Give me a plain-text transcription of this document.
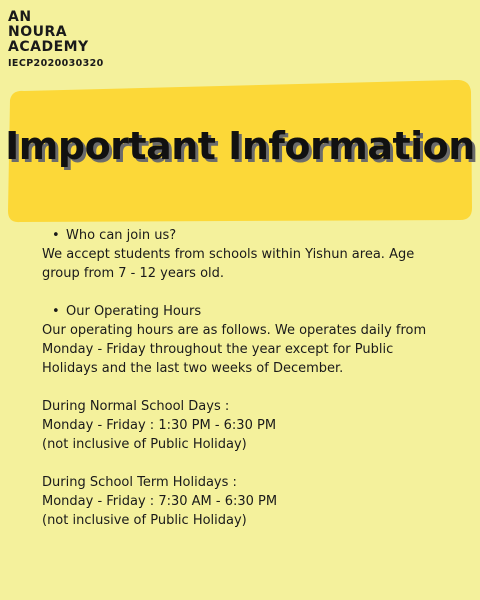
AN
NOURA
ACADEMY
IECP2020030320
Important Information
• Who can join us?
We accept students from schools within Yishun area. Age
group from 7 - 12 years old.
• Our Operating Hours
Our operating hours are as follows. We operates daily from
Monday - Friday throughout the year except for Public
Holidays and the last two weeks of December.
During Normal School Days :
Monday - Friday : 1:30 PM - 6:30 PM
(not inclusive of Public Holiday)
During School Term Holidays :
Monday - Friday : 7:30 AM - 6:30 PM
(not inclusive of Public Holiday)
